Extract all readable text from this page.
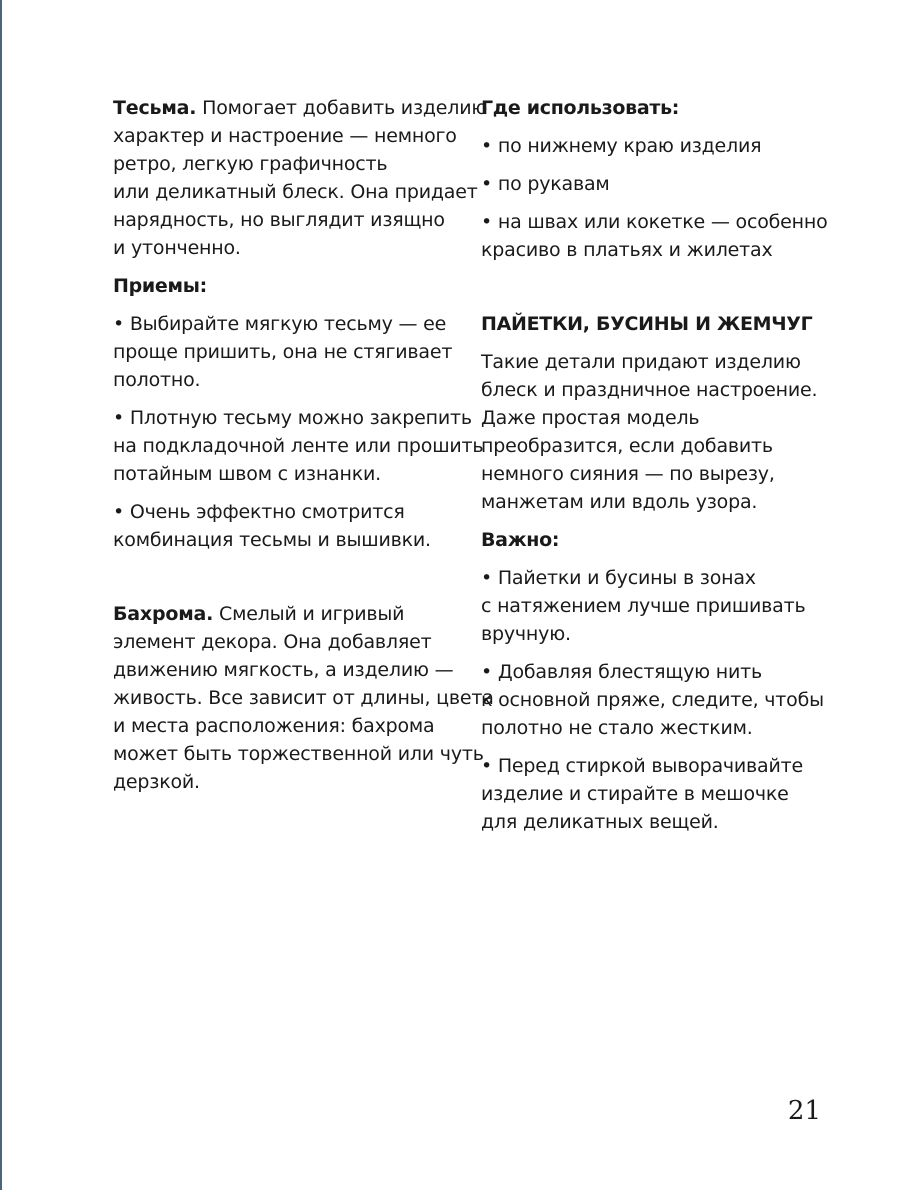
Тесьма. Помогает добавить изделию
характер и настроение — немного
ретро, легкую графичность
или деликатный блеск. Она придает
нарядность, но выглядит изящно
и утонченно.
Приемы:
• Выбирайте мягкую тесьму — ее
проще пришить, она не стягивает
полотно.
• Плотную тесьму можно закрепить
на подкладочной ленте или прошить
потайным швом с изнанки.
• Очень эффектно смотрится
комбинация тесьмы и вышивки.
Бахрома. Смелый и игривый
элемент декора. Она добавляет
движению мягкость, а изделию —
живость. Все зависит от длины, цвета
и места расположения: бахрома
может быть торжественной или чуть
дерзкой.
Где использовать:
• по нижнему краю изделия
• по рукавам
• на швах или кокетке — особенно
красиво в платьях и жилетах
ПАЙЕТКИ, БУСИНЫ И ЖЕМЧУГ
Такие детали придают изделию
блеск и праздничное настроение.
Даже простая модель
преобразится, если добавить
немного сияния — по вырезу,
манжетам или вдоль узора.
Важно:
• Пайетки и бусины в зонах
с натяжением лучше пришивать
вручную.
• Добавляя блестящую нить
к основной пряже, следите, чтобы
полотно не стало жестким.
• Перед стиркой выворачивайте
изделие и стирайте в мешочке
для деликатных вещей.
21
